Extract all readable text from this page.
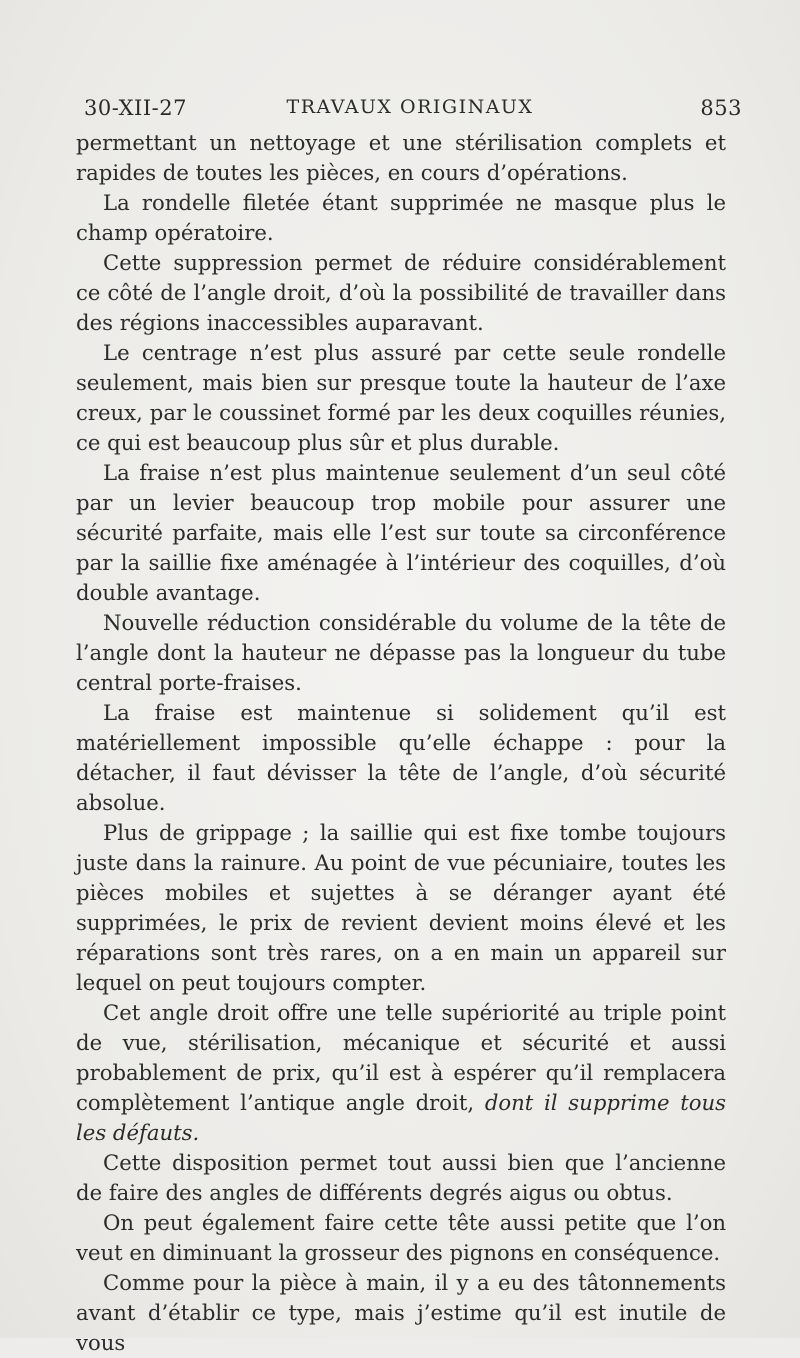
30-XII-27	TRAVAUX ORIGINAUX	853

permettant un nettoyage et une stérilisation complets et rapides de toutes les pièces, en cours d’opérations.

La rondelle filetée étant supprimée ne masque plus le champ opératoire.

Cette suppression permet de réduire considérablement ce côté de l’angle droit, d’où la possibilité de travailler dans des régions inaccessibles auparavant.

Le centrage n’est plus assuré par cette seule rondelle seulement, mais bien sur presque toute la hauteur de l’axe creux, par le coussinet formé par les deux coquilles réunies, ce qui est beaucoup plus sûr et plus durable.

La fraise n’est plus maintenue seulement d’un seul côté par un levier beaucoup trop mobile pour assurer une sécurité parfaite, mais elle l’est sur toute sa circonférence par la saillie fixe aménagée à l’intérieur des coquilles, d’où double avantage.

Nouvelle réduction considérable du volume de la tête de l’angle dont la hauteur ne dépasse pas la longueur du tube central porte-fraises.

La fraise est maintenue si solidement qu’il est matériellement impossible qu’elle échappe : pour la détacher, il faut dévisser la tête de l’angle, d’où sécurité absolue.

Plus de grippage ; la saillie qui est fixe tombe toujours juste dans la rainure. Au point de vue pécuniaire, toutes les pièces mobiles et sujettes à se déranger ayant été supprimées, le prix de revient devient moins élevé et les réparations sont très rares, on a en main un appareil sur lequel on peut toujours compter.

Cet angle droit offre une telle supériorité au triple point de vue, stérilisation, mécanique et sécurité et aussi probablement de prix, qu’il est à espérer qu’il remplacera complètement l’antique angle droit, dont il supprime tous les défauts.

Cette disposition permet tout aussi bien que l’ancienne de faire des angles de différents degrés aigus ou obtus.

On peut également faire cette tête aussi petite que l’on veut en diminuant la grosseur des pignons en conséquence.

Comme pour la pièce à main, il y a eu des tâtonnements avant d’établir ce type, mais j’estime qu’il est inutile de vous
